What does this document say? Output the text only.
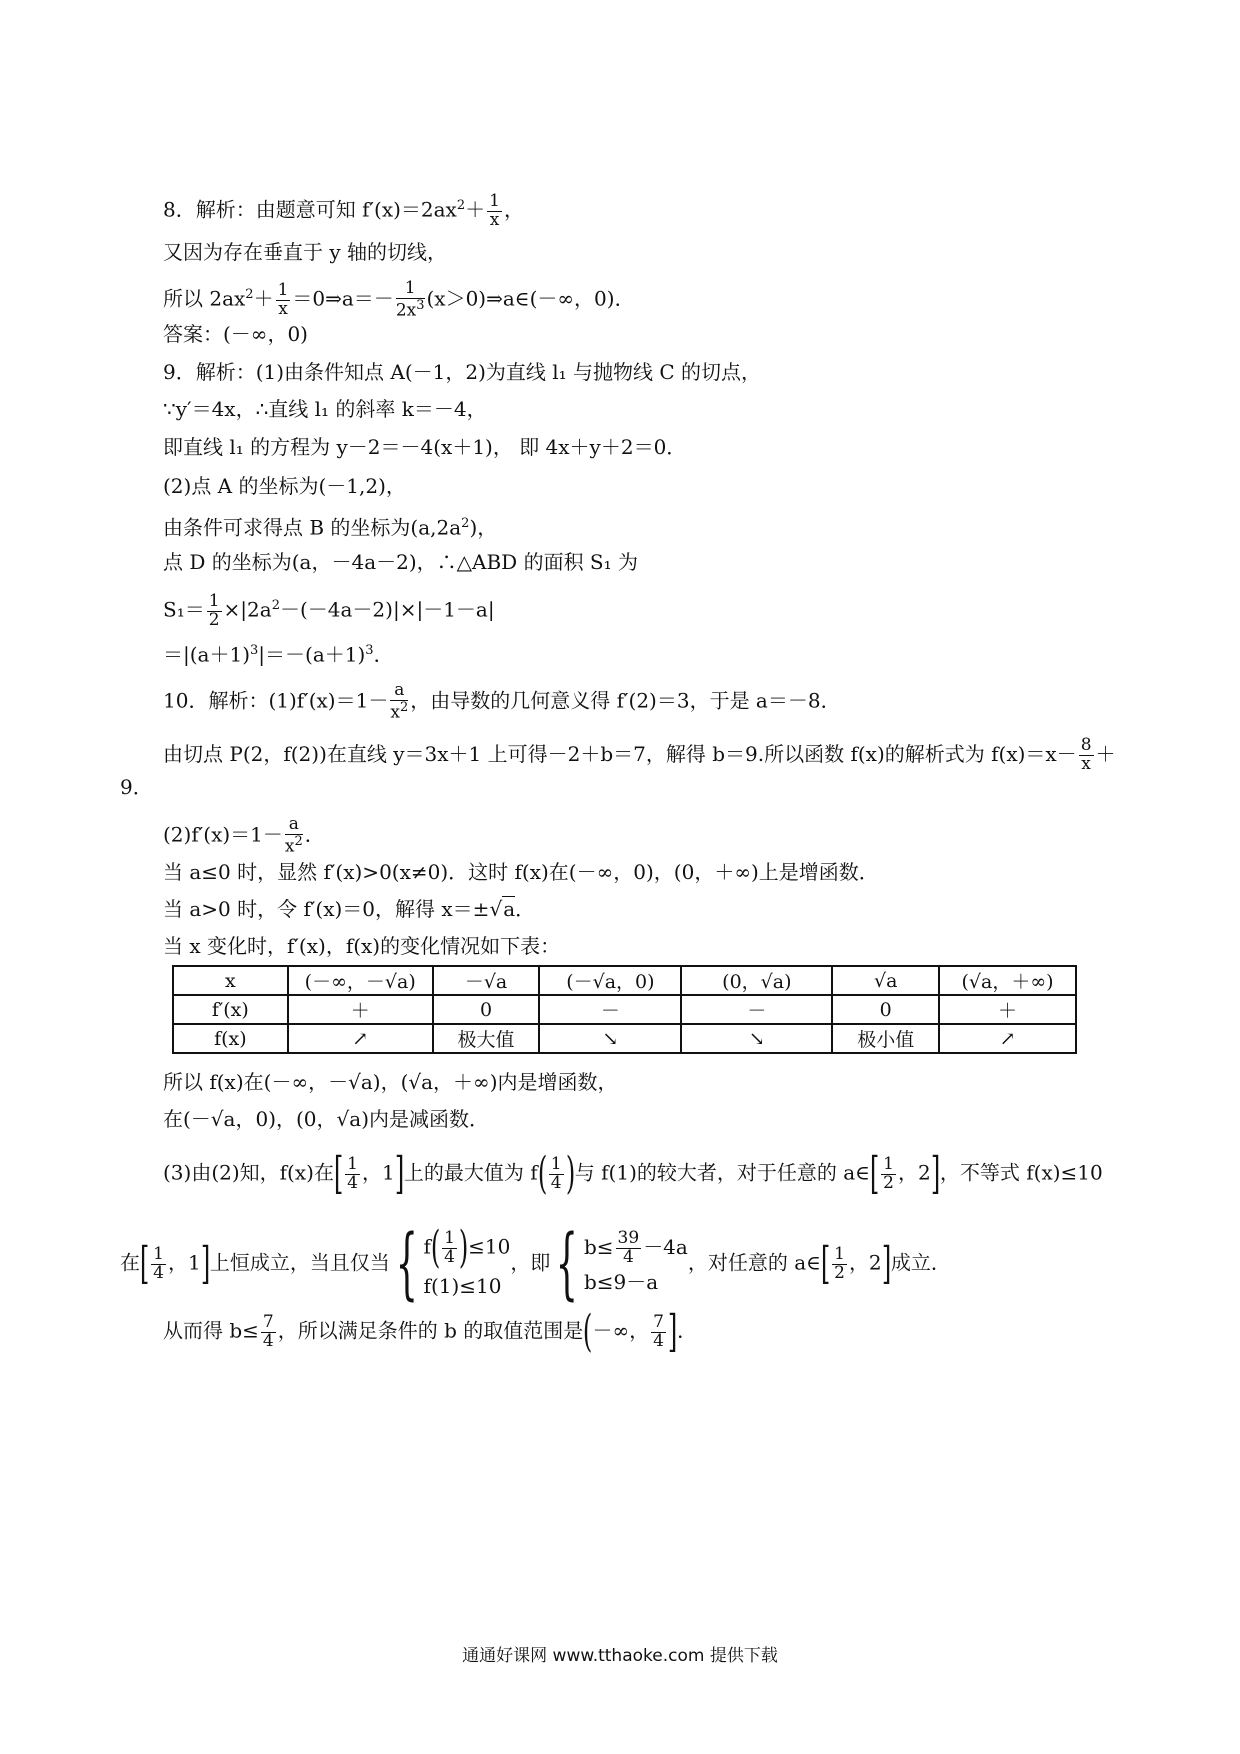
8．解析：由题意可知 $f'(x)=2ax^2+ \frac{1}{x}$ ，
又因为存在垂直于 y 轴的切线，
所以 $2ax^2+ \frac{1}{x}$ ＝0⇒a＝－ $\frac{1}{2x^3}$ (x＞0)⇒a∈(－∞，0)．
答案：(－∞，0)
9．解析：(1)由条件知点 A(－1，2)为直线 l₁ 与抛物线 C 的切点，
∵y′＝4x，∴直线 l₁ 的斜率 k＝－4，
即直线 l₁ 的方程为 y－2＝－4(x＋1)， 即 4x＋y＋2＝0．
(2)点 A 的坐标为(－1,2)，
由条件可求得点 B 的坐标为$(a,2a^2)$，
点 D 的坐标为(a，－4a－2)，∴△ABD 的面积 S₁ 为
$S_1= \frac{1}{2} \times|2a^2-(-4a-2)|\times|-1-a|$
$=|(a+1)^3|=-(a+1)^3$．
10．解析：$(1)f'(x)=1- \frac{a}{x^2}$ ，由导数的几何意义得 f′(2)＝3，于是 a＝－8．
由切点 P(2，f(2))在直线 y＝3x＋1 上可得－2＋b＝7，解得 b＝9.所以函数 f(x)的解析式为 $f(x)=x- \frac{8}{x}$ ＋
9．
$(2)f'(x)=1- \frac{a}{x^2}$ ．
当 a≤0 时，显然 f′(x)>0(x≠0)．这时 f(x)在(－∞，0)，(0，＋∞)上是增函数．
当 a>0 时，令 f′(x)＝0，解得 x＝±√a．
当 x 变化时，f′(x)，f(x)的变化情况如下表：
x	(－∞，－√a)	－√a	(－√a，0)	(0，√a)	√a	(√a，＋∞)
f′(x)	＋	0	－	－	0	＋
f(x)	↗	极大值	↘	↘	极小值	↗
所以 f(x)在(－∞，－√a)，(√a，＋∞)内是增函数，
在(－√a，0)，(0，√a)内是减函数．
(3)由(2)知，f(x)在[ $\frac{1}{4}$ ，1]上的最大值为 $f( \frac{1}{4}$ )与 f(1)的较大者，对于任意的 a∈[ $\frac{1}{2}$ ，2]，不等式 f(x)≤10
在[ $\frac{1}{4}$ ，1]上恒成立，当且仅当{ $f( \frac{1}{4} )\le 10$
f(1)≤10
，即{ $b\le \frac{39}{4} -4a$
b≤9－a
，对任意的 a∈[ $\frac{1}{2}$ ，2]成立．
从而得 $b\le \frac{7}{4}$ ，所以满足条件的 b 的取值范围是(－∞， $\frac{7}{4}$ ]．
通通好课网 www.tthaoke.com 提供下载
